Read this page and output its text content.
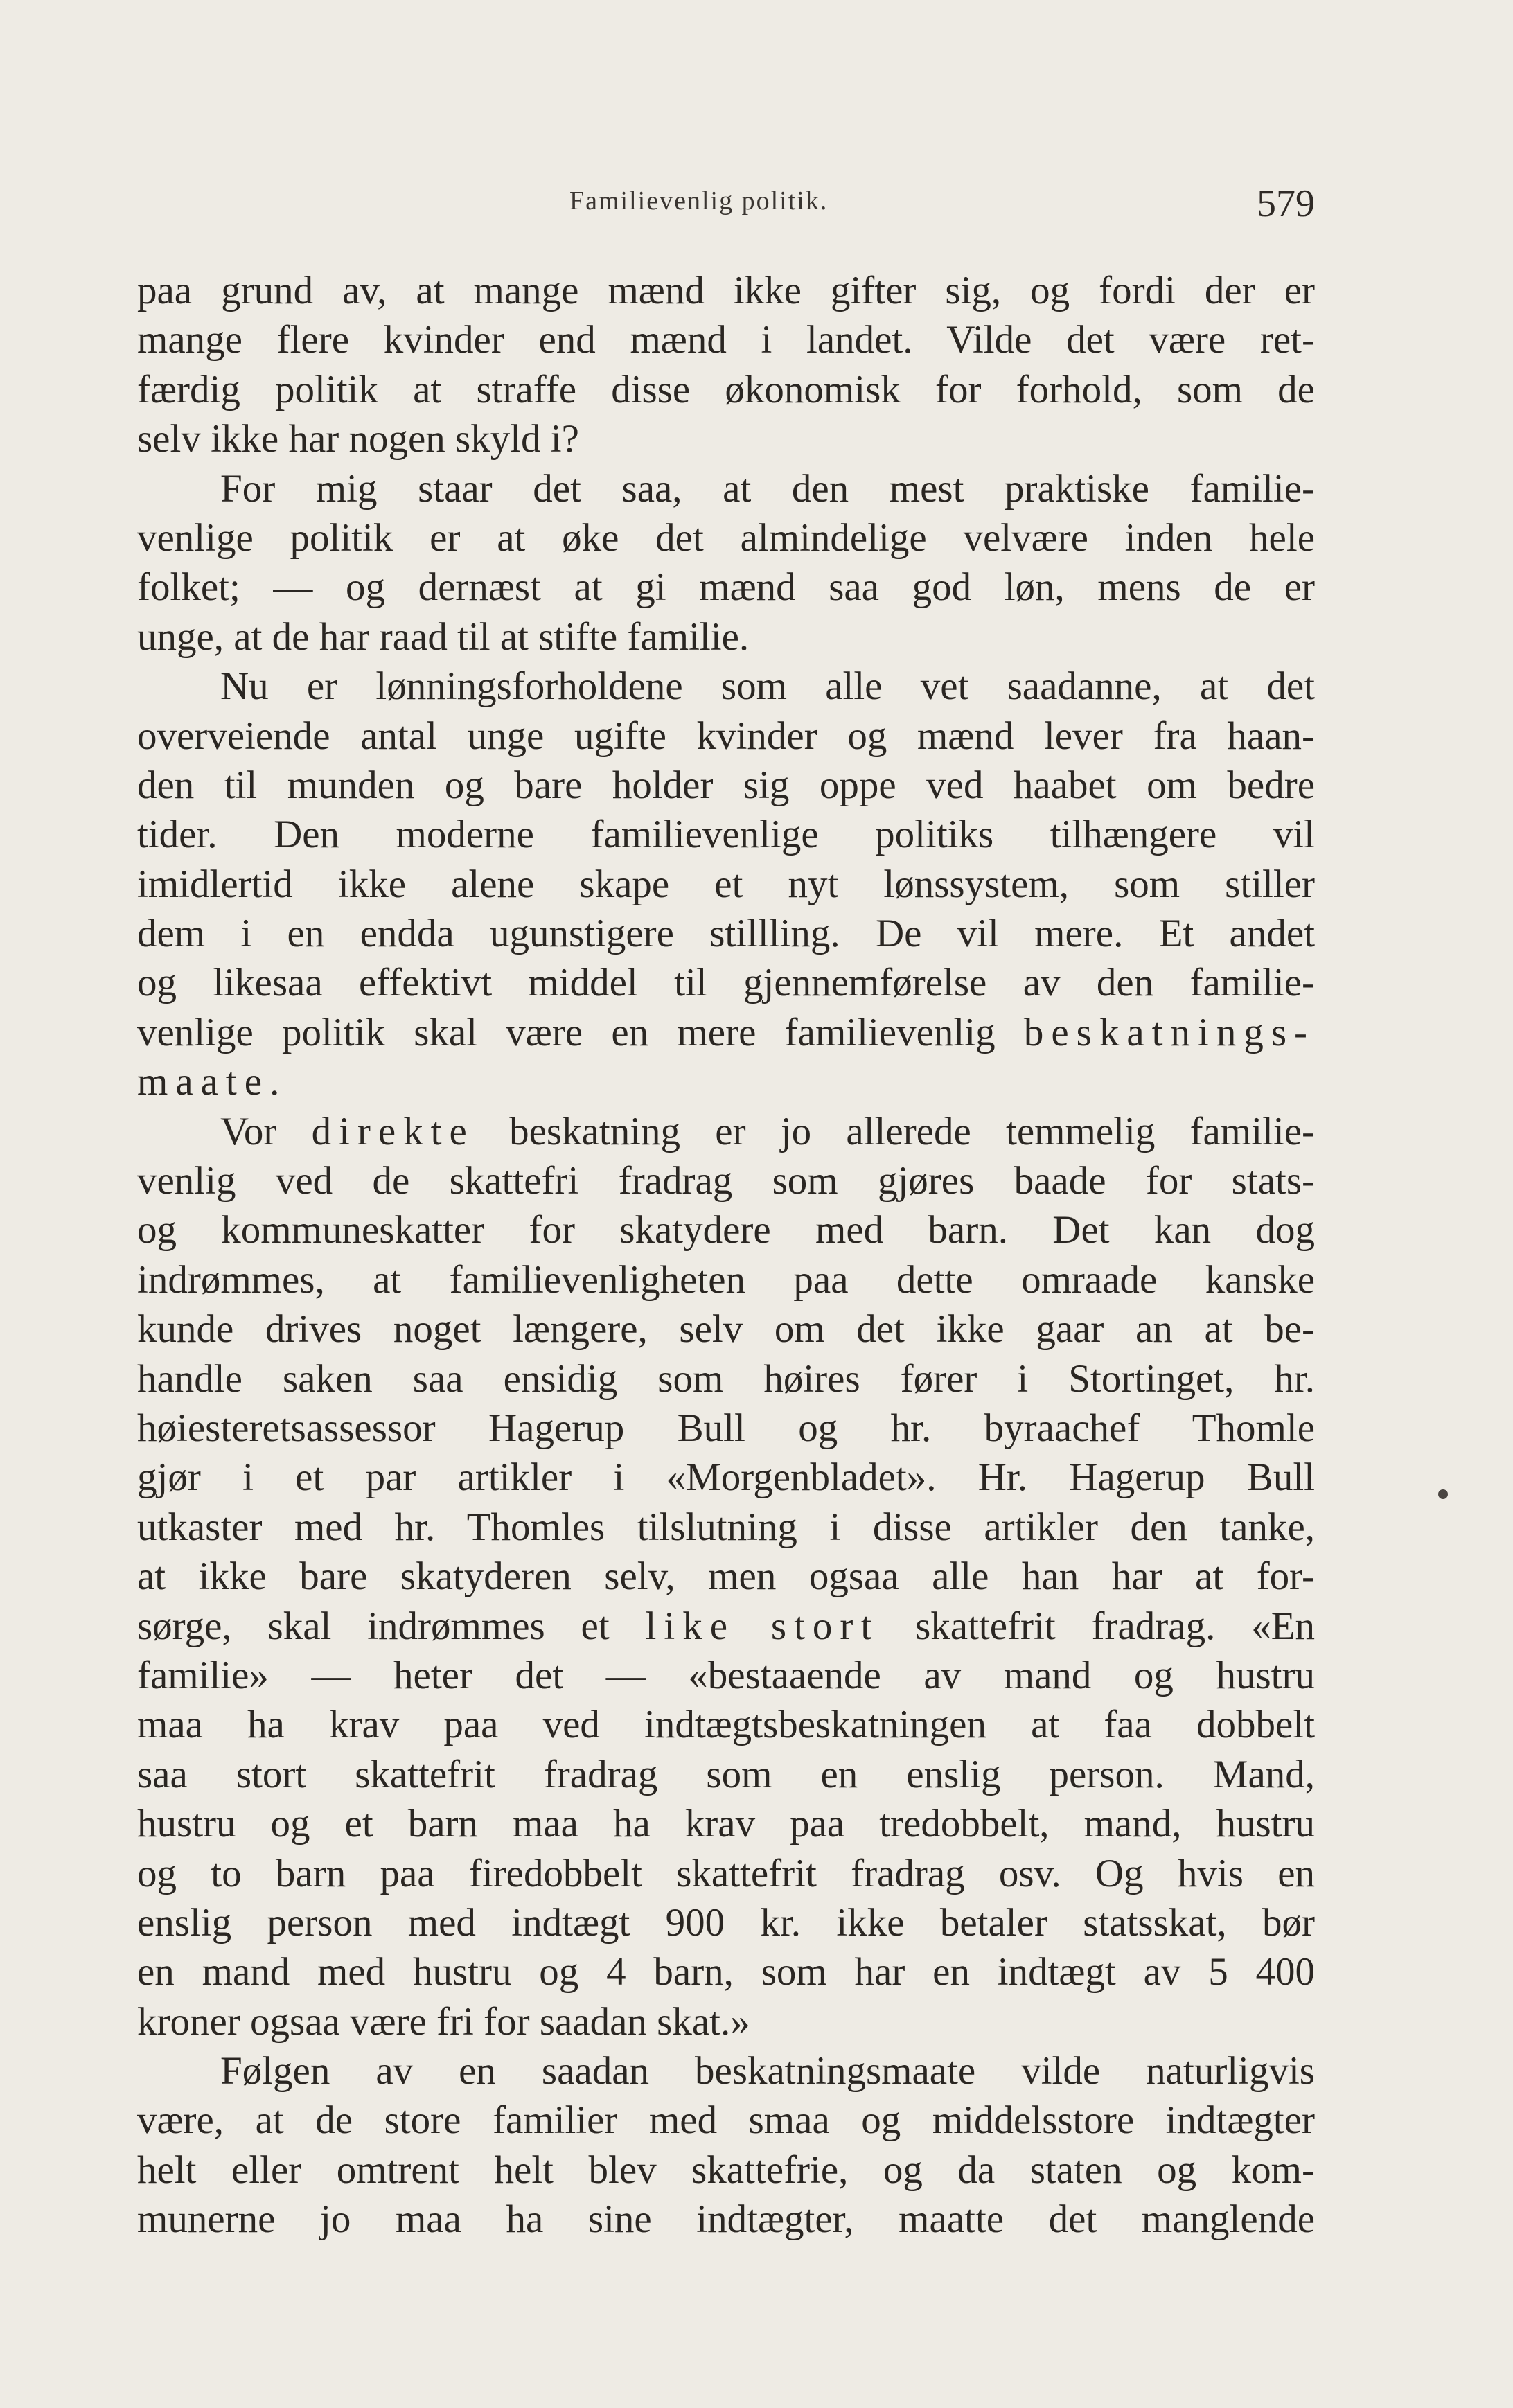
Familievenlig politik.	579
paa grund av, at mange mænd ikke gifter sig, og fordi der er
mange flere kvinder end mænd i landet. Vilde det være ret-
færdig politik at straffe disse økonomisk for forhold, som de
selv ikke har nogen skyld i?
For mig staar det saa, at den mest praktiske familie-
venlige politik er at øke det almindelige velvære inden hele
folket; — og dernæst at gi mænd saa god løn, mens de er
unge, at de har raad til at stifte familie.
Nu er lønningsforholdene som alle vet saadanne, at det
overveiende antal unge ugifte kvinder og mænd lever fra haan-
den til munden og bare holder sig oppe ved haabet om bedre
tider. Den moderne familievenlige politiks tilhængere vil
imidlertid ikke alene skape et nyt lønssystem, som stiller
dem i en endda ugunstigere stillling. De vil mere. Et andet
og likesaa effektivt middel til gjennemførelse av den familie-
venlige politik skal være en mere familievenlig beskatnings-
maate.
Vor direkte beskatning er jo allerede temmelig familie-
venlig ved de skattefri fradrag som gjøres baade for stats-
og kommuneskatter for skatydere med barn. Det kan dog
indrømmes, at familievenligheten paa dette omraade kanske
kunde drives noget længere, selv om det ikke gaar an at be-
handle saken saa ensidig som høires fører i Stortinget, hr.
høiesteretsassessor Hagerup Bull og hr. byraachef Thomle
gjør i et par artikler i «Morgenbladet». Hr. Hagerup Bull
utkaster med hr. Thomles tilslutning i disse artikler den tanke,
at ikke bare skatyderen selv, men ogsaa alle han har at for-
sørge, skal indrømmes et like stort skattefrit fradrag. «En
familie» — heter det — «bestaaende av mand og hustru
maa ha krav paa ved indtægtsbeskatningen at faa dobbelt
saa stort skattefrit fradrag som en enslig person. Mand,
hustru og et barn maa ha krav paa tredobbelt, mand, hustru
og to barn paa firedobbelt skattefrit fradrag osv. Og hvis en
enslig person med indtægt 900 kr. ikke betaler statsskat, bør
en mand med hustru og 4 barn, som har en indtægt av 5 400
kroner ogsaa være fri for saadan skat.»
Følgen av en saadan beskatningsmaate vilde naturligvis
være, at de store familier med smaa og middelsstore indtægter
helt eller omtrent helt blev skattefrie, og da staten og kom-
munerne jo maa ha sine indtægter, maatte det manglende
